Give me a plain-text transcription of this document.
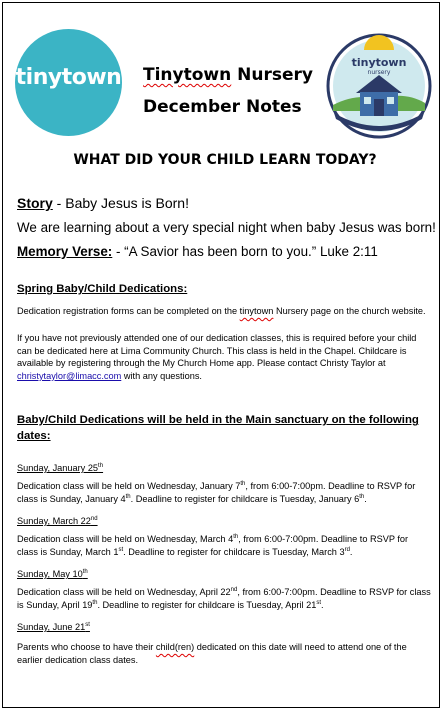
tinytown Tinytown Nursery
December Notes
tinytown
nursery
WHAT DID YOUR CHILD LEARN TODAY?
Story - Baby Jesus is Born!
We are learning about a very special night when baby Jesus was born!
Memory Verse: - “A Savior has been born to you.” Luke 2:11
Spring Baby/Child Dedications:
Dedication registration forms can be completed on the tinytown Nursery page on the church website.
If you have not previously attended one of our dedication classes, this is required before your child can be dedicated here at Lima Community Church. This class is held in the Chapel. Childcare is available by registering through the My Church Home app. Please contact Christy Taylor at christytaylor@limacc.com with any questions.
Baby/Child Dedications will be held in the Main sanctuary on the following dates:
Sunday, January 25th
Dedication class will be held on Wednesday, January 7th, from 6:00-7:00pm. Deadline to RSVP for class is Sunday, January 4th. Deadline to register for childcare is Tuesday, January 6th.
Sunday, March 22nd
Dedication class will be held on Wednesday, March 4th, from 6:00-7:00pm. Deadline to RSVP for class is Sunday, March 1st. Deadline to register for childcare is Tuesday, March 3rd.
Sunday, May 10th
Dedication class will be held on Wednesday, April 22nd, from 6:00-7:00pm. Deadline to RSVP for class is Sunday, April 19th. Deadline to register for childcare is Tuesday, April 21st.
Sunday, June 21st
Parents who choose to have their child(ren) dedicated on this date will need to attend one of the earlier dedication class dates.
